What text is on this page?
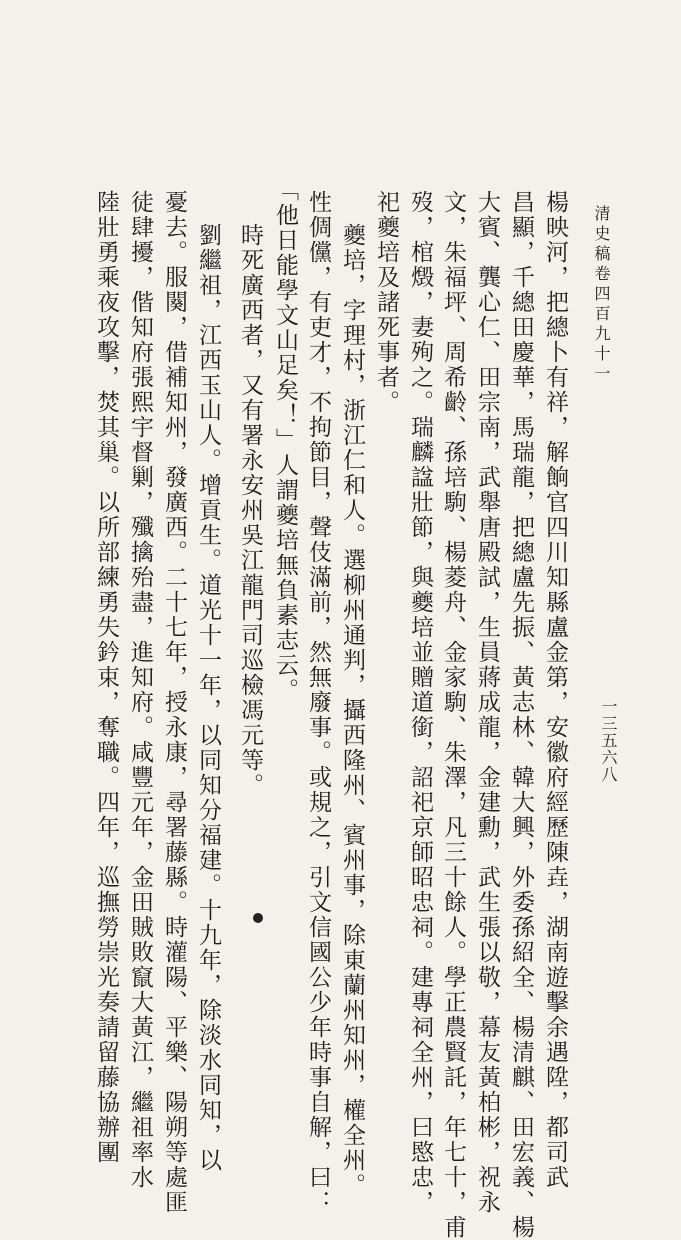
清史稿卷四百九十一
一三五六八
楊映河，把總卜有祥，解餉官四川知縣盧金第，安徽府經歷陳垚，湖南遊擊余遇陞，都司武
昌顯，千總田慶華，馬瑞龍，把總盧先振、黃志林、韓大興，外委孫紹全、楊清麒、田宏義、楊
大賓、龔心仁、田宗南，武舉唐殿試，生員蔣成龍，金建勳，武生張以敬，幕友黃柏彬，祝永
文，朱福坪、周希齡、孫培駒、楊菱舟、金家駒、朱澤，凡三十餘人。學正農賢託，年七十，甫
歿，棺燬，妻殉之。瑞麟諡壯節，與夔培並贈道銜，詔祀京師昭忠祠。建專祠全州，曰愍忠，
祀夔培及諸死事者。
夔培，字理村，浙江仁和人。選柳州通判，攝西隆州、賓州事，除東蘭州知州，權全州。
性倜儻，有吏才，不拘節目，聲伎滿前，然無廢事。或規之，引文信國公少年時事自解，曰：
「他日能學文山足矣！」人謂夔培無負素志云。
時死廣西者，又有署永安州吳江龍門司巡檢馮元等。
劉繼祖，江西玉山人。增貢生。道光十一年，以同知分福建。十九年，除淡水同知，以
憂去。服闋，借補知州，發廣西。二十七年，授永康，尋署藤縣。時灌陽、平樂、陽朔等處匪
徒肆擾，偕知府張熙宇督剿，殲擒殆盡，進知府。咸豐元年，金田賊敗竄大黃江，繼祖率水
陸壯勇乘夜攻擊，焚其巢。以所部練勇失鈐束，奪職。四年，巡撫勞崇光奏請留藤協辦團
